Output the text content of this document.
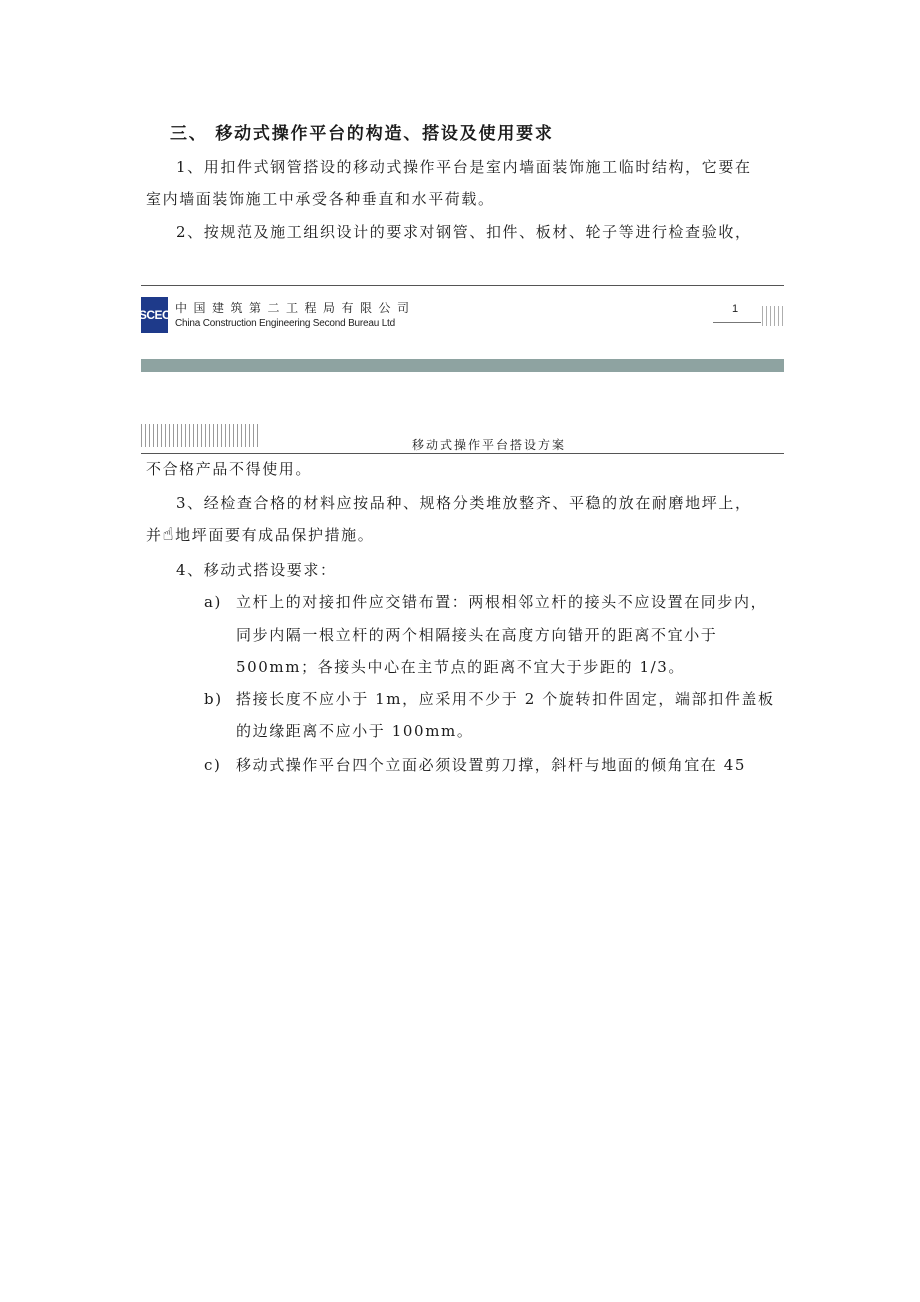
三、 移动式操作平台的构造、搭设及使用要求
1、用扣件式钢管搭设的移动式操作平台是室内墙面装饰施工临时结构，它要在
室内墙面装饰施工中承受各种垂直和水平荷载。
2、按规范及施工组织设计的要求对钢管、扣件、板材、轮子等进行检查验收，
SCEC 中国建筑第二工程局有限公司
China Construction Engineering Second Bureau Ltd
1
移动式操作平台搭设方案
不合格产品不得使用。
3、经检查合格的材料应按品种、规格分类堆放整齐、平稳的放在耐磨地坪上，
并☝地坪面要有成品保护措施。
4、移动式搭设要求：
a) 立杆上的对接扣件应交错布置：两根相邻立杆的接头不应设置在同步内，
同步内隔一根立杆的两个相隔接头在高度方向错开的距离不宜小于
500mm；各接头中心在主节点的距离不宜大于步距的 1/3。
b) 搭接长度不应小于 1m，应采用不少于 2 个旋转扣件固定，端部扣件盖板
的边缘距离不应小于 100mm。
c) 移动式操作平台四个立面必须设置剪刀撑，斜杆与地面的倾角宜在 45
